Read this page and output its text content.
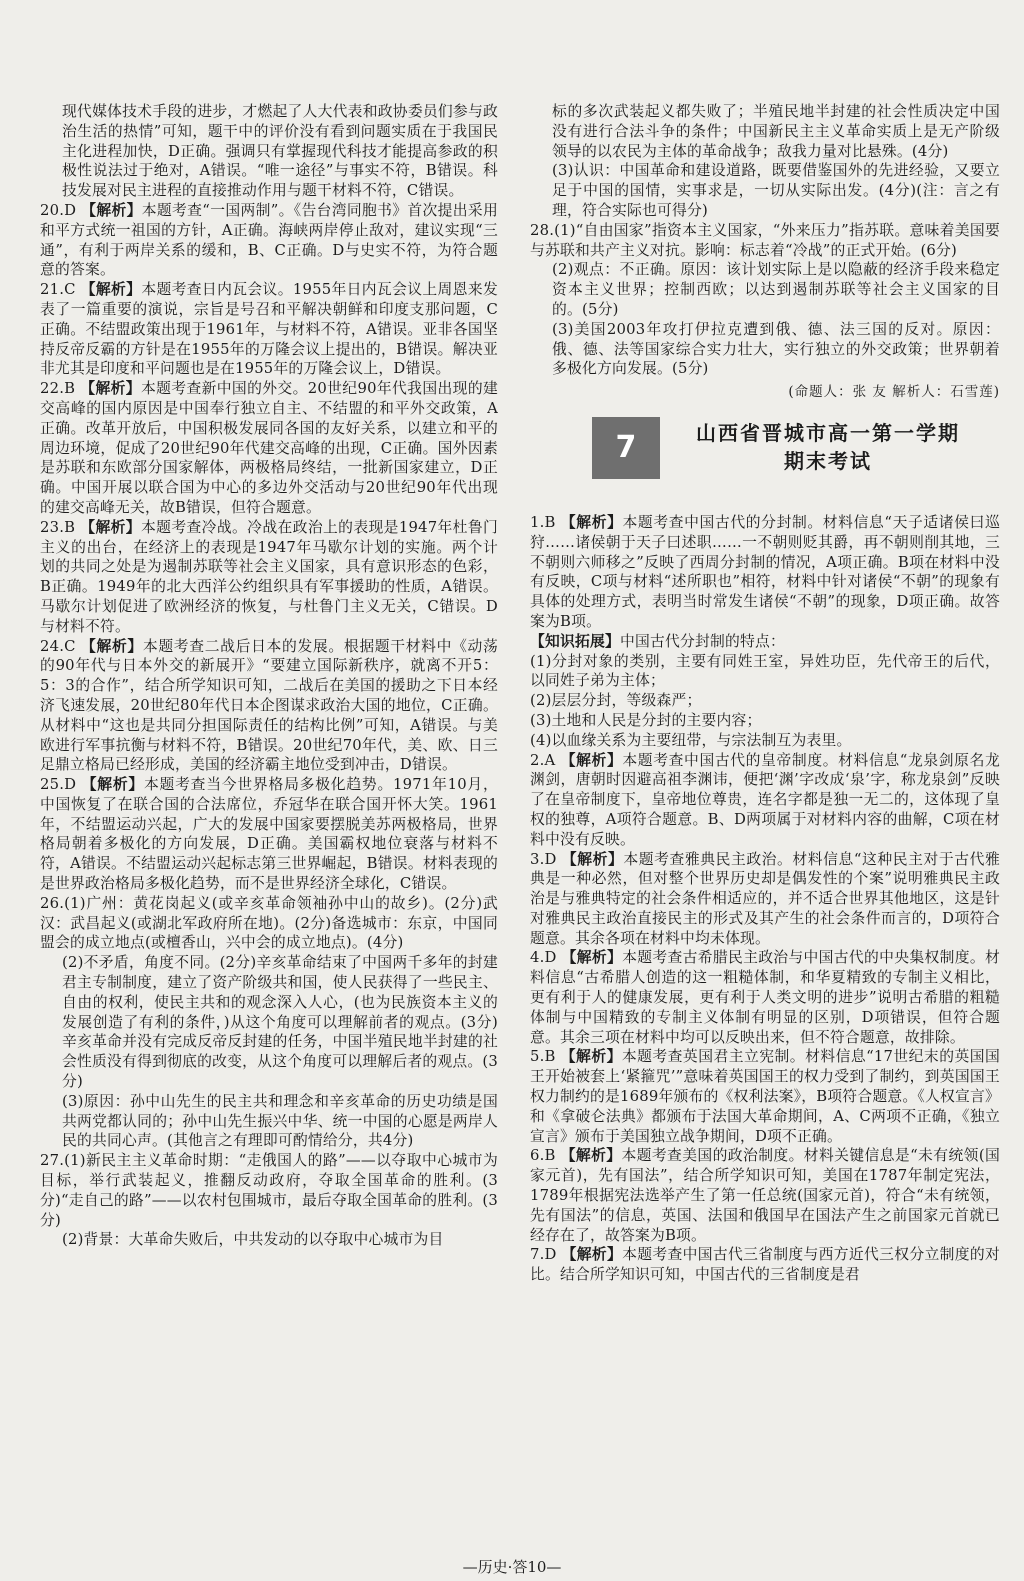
现代媒体技术手段的进步，才燃起了人大代表和政协委员们参与政治生活的热情”可知，题干中的评价没有看到问题实质在于我国民主化进程加快，D正确。强调只有掌握现代科技才能提高参政的积极性说法过于绝对，A错误。“唯一途径”与事实不符，B错误。科技发展对民主进程的直接推动作用与题干材料不符，C错误。

20.D 【解析】本题考查“一国两制”。《告台湾同胞书》首次提出采用和平方式统一祖国的方针，A正确。海峡两岸停止敌对，建议实现“三通”，有利于两岸关系的缓和，B、C正确。D与史实不符，为符合题意的答案。

21.C 【解析】本题考查日内瓦会议。1955年日内瓦会议上周恩来发表了一篇重要的演说，宗旨是号召和平解决朝鲜和印度支那问题，C正确。不结盟政策出现于1961年，与材料不符，A错误。亚非各国坚持反帝反霸的方针是在1955年的万隆会议上提出的，B错误。解决亚非尤其是印度和平问题也是在1955年的万隆会议上，D错误。

22.B 【解析】本题考查新中国的外交。20世纪90年代我国出现的建交高峰的国内原因是中国奉行独立自主、不结盟的和平外交政策，A正确。改革开放后，中国积极发展同各国的友好关系，以建立和平的周边环境，促成了20世纪90年代建交高峰的出现，C正确。国外因素是苏联和东欧部分国家解体，两极格局终结，一批新国家建立，D正确。中国开展以联合国为中心的多边外交活动与20世纪90年代出现的建交高峰无关，故B错误，但符合题意。

23.B 【解析】本题考查冷战。冷战在政治上的表现是1947年杜鲁门主义的出台，在经济上的表现是1947年马歇尔计划的实施。两个计划的共同之处是为遏制苏联等社会主义国家，具有意识形态的色彩，B正确。1949年的北大西洋公约组织具有军事援助的性质，A错误。马歇尔计划促进了欧洲经济的恢复，与杜鲁门主义无关，C错误。D与材料不符。

24.C 【解析】本题考查二战后日本的发展。根据题干材料中《动荡的90年代与日本外交的新展开》“要建立国际新秩序，就离不开5：5：3的合作”，结合所学知识可知，二战后在美国的援助之下日本经济飞速发展，20世纪80年代日本企图谋求政治大国的地位，C正确。从材料中“这也是共同分担国际责任的结构比例”可知，A错误。与美欧进行军事抗衡与材料不符，B错误。20世纪70年代，美、欧、日三足鼎立格局已经形成，美国的经济霸主地位受到冲击，D错误。

25.D 【解析】本题考查当今世界格局多极化趋势。1971年10月，中国恢复了在联合国的合法席位，乔冠华在联合国开怀大笑。1961年，不结盟运动兴起，广大的发展中国家要摆脱美苏两极格局，世界格局朝着多极化的方向发展，D正确。美国霸权地位衰落与材料不符，A错误。不结盟运动兴起标志第三世界崛起，B错误。材料表现的是世界政治格局多极化趋势，而不是世界经济全球化，C错误。

26.(1)广州：黄花岗起义(或辛亥革命领袖孙中山的故乡)。(2分)武汉：武昌起义(或湖北军政府所在地)。(2分)备选城市：东京，中国同盟会的成立地点(或檀香山，兴中会的成立地点)。(4分)

(2)不矛盾，角度不同。(2分)辛亥革命结束了中国两千多年的封建君主专制制度，建立了资产阶级共和国，使人民获得了一些民主、自由的权利，使民主共和的观念深入人心，(也为民族资本主义的发展创造了有利的条件，)从这个角度可以理解前者的观点。(3分)辛亥革命并没有完成反帝反封建的任务，中国半殖民地半封建的社会性质没有得到彻底的改变，从这个角度可以理解后者的观点。(3分)

(3)原因：孙中山先生的民主共和理念和辛亥革命的历史功绩是国共两党都认同的；孙中山先生振兴中华、统一中国的心愿是两岸人民的共同心声。(其他言之有理即可酌情给分，共4分)

27.(1)新民主主义革命时期：“走俄国人的路”——以夺取中心城市为目标，举行武装起义，推翻反动政府，夺取全国革命的胜利。(3分)“走自己的路”——以农村包围城市，最后夺取全国革命的胜利。(3分)

(2)背景：大革命失败后，中共发动的以夺取中心城市为目

标的多次武装起义都失败了；半殖民地半封建的社会性质决定中国没有进行合法斗争的条件；中国新民主主义革命实质上是无产阶级领导的以农民为主体的革命战争；敌我力量对比悬殊。(4分)

(3)认识：中国革命和建设道路，既要借鉴国外的先进经验，又要立足于中国的国情，实事求是，一切从实际出发。(4分)(注：言之有理，符合实际也可得分)

28.(1)“自由国家”指资本主义国家，“外来压力”指苏联。意味着美国要与苏联和共产主义对抗。影响：标志着“冷战”的正式开始。(6分)

(2)观点：不正确。原因：该计划实际上是以隐蔽的经济手段来稳定资本主义世界；控制西欧；以达到遏制苏联等社会主义国家的目的。(5分)

(3)美国2003年攻打伊拉克遭到俄、德、法三国的反对。原因：俄、德、法等国家综合实力壮大，实行独立的外交政策；世界朝着多极化方向发展。(5分)

(命题人：张 友 解析人：石雪莲)
7	山西省晋城市高一第一学期
期末考试

1.B 【解析】本题考查中国古代的分封制。材料信息“天子适诸侯曰巡狩……诸侯朝于天子曰述职……一不朝则贬其爵，再不朝则削其地，三不朝则六师移之”反映了西周分封制的情况，A项正确。B项在材料中没有反映，C项与材料“述所职也”相符，材料中针对诸侯“不朝”的现象有具体的处理方式，表明当时常发生诸侯“不朝”的现象，D项正确。故答案为B项。

【知识拓展】中国古代分封制的特点：

(1)分封对象的类别，主要有同姓王室，异姓功臣，先代帝王的后代，以同姓子弟为主体；

(2)层层分封，等级森严；

(3)土地和人民是分封的主要内容；

(4)以血缘关系为主要纽带，与宗法制互为表里。

2.A 【解析】本题考查中国古代的皇帝制度。材料信息“龙泉剑原名龙渊剑，唐朝时因避高祖李渊讳，便把‘渊’字改成‘泉’字，称龙泉剑”反映了在皇帝制度下，皇帝地位尊贵，连名字都是独一无二的，这体现了皇权的独尊，A项符合题意。B、D两项属于对材料内容的曲解，C项在材料中没有反映。

3.D 【解析】本题考查雅典民主政治。材料信息“这种民主对于古代雅典是一种必然，但对整个世界历史却是偶发性的个案”说明雅典民主政治是与雅典特定的社会条件相适应的，并不适合世界其他地区，这是针对雅典民主政治直接民主的形式及其产生的社会条件而言的，D项符合题意。其余各项在材料中均未体现。

4.D 【解析】本题考查古希腊民主政治与中国古代的中央集权制度。材料信息“古希腊人创造的这一粗糙体制，和华夏精致的专制主义相比，更有利于人的健康发展，更有利于人类文明的进步”说明古希腊的粗糙体制与中国精致的专制主义体制有明显的区别，D项错误，但符合题意。其余三项在材料中均可以反映出来，但不符合题意，故排除。

5.B 【解析】本题考查英国君主立宪制。材料信息“17世纪末的英国国王开始被套上‘紧箍咒’”意味着英国国王的权力受到了制约，到英国国王权力制约的是1689年颁布的《权利法案》，B项符合题意。《人权宣言》和《拿破仑法典》都颁布于法国大革命期间，A、C两项不正确，《独立宣言》颁布于美国独立战争期间，D项不正确。

6.B 【解析】本题考查美国的政治制度。材料关键信息是“未有统领(国家元首)，先有国法”，结合所学知识可知，美国在1787年制定宪法，1789年根据宪法选举产生了第一任总统(国家元首)，符合“未有统领，先有国法”的信息，英国、法国和俄国早在国法产生之前国家元首就已经存在了，故答案为B项。

7.D 【解析】本题考查中国古代三省制度与西方近代三权分立制度的对比。结合所学知识可知，中国古代的三省制度是君

—历史·答10—
